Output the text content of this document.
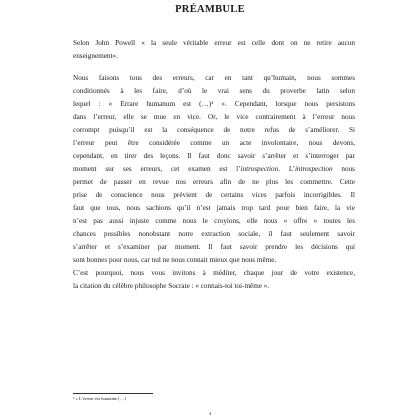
PRÉAMBULE
Selon John Powell « la seule véritable erreur est celle dont on ne retire aucun
enseignement».
Nous faisons tous des erreurs, car en tant qu’humain, nous sommes
conditionnés à les faire, d’où le vrai sens du proverbe latin selon
lequel : « Errare humanum est (…)¹ ». Cependant, lorsque nous persistons
dans l’erreur, elle se mue en vice. Or, le vice contrairement à l’erreur nous
corrompt puisqu’il est la conséquence de notre refus de s’améliorer. Si
l’erreur peut être considérée comme un acte involontaire, nous devons,
cependant, en tirer des leçons. Il faut donc savoir s’arrêter et s’interroger par
moment sur ses erreurs, cet examen est l’introspection. L’introspection nous
permet de passer en revue nos erreurs afin de ne plus les commettre. Cette
prise de conscience nous prévient de certains vices parfois incorrigibles. Il
faut que tous, nous sachions qu’il n’est jamais trop tard pour bien faire, la vie
n’est pas aussi injuste comme nous le croyions, elle nous « offre » toutes les
chances possibles nonobstant notre extraction sociale, il faut seulement savoir
s’arrêter et s’examiner par moment. Il faut savoir prendre les décisions qui
sont bonnes pour nous, car nul ne nous connait mieux que nous même.
C’est pourquoi, nous vous invitons à méditer, chaque jour de votre existence,
la citation du célèbre philosophe Socrate : « connais-toi toi-même ».
¹ « L’erreur est humaine (…)
4
